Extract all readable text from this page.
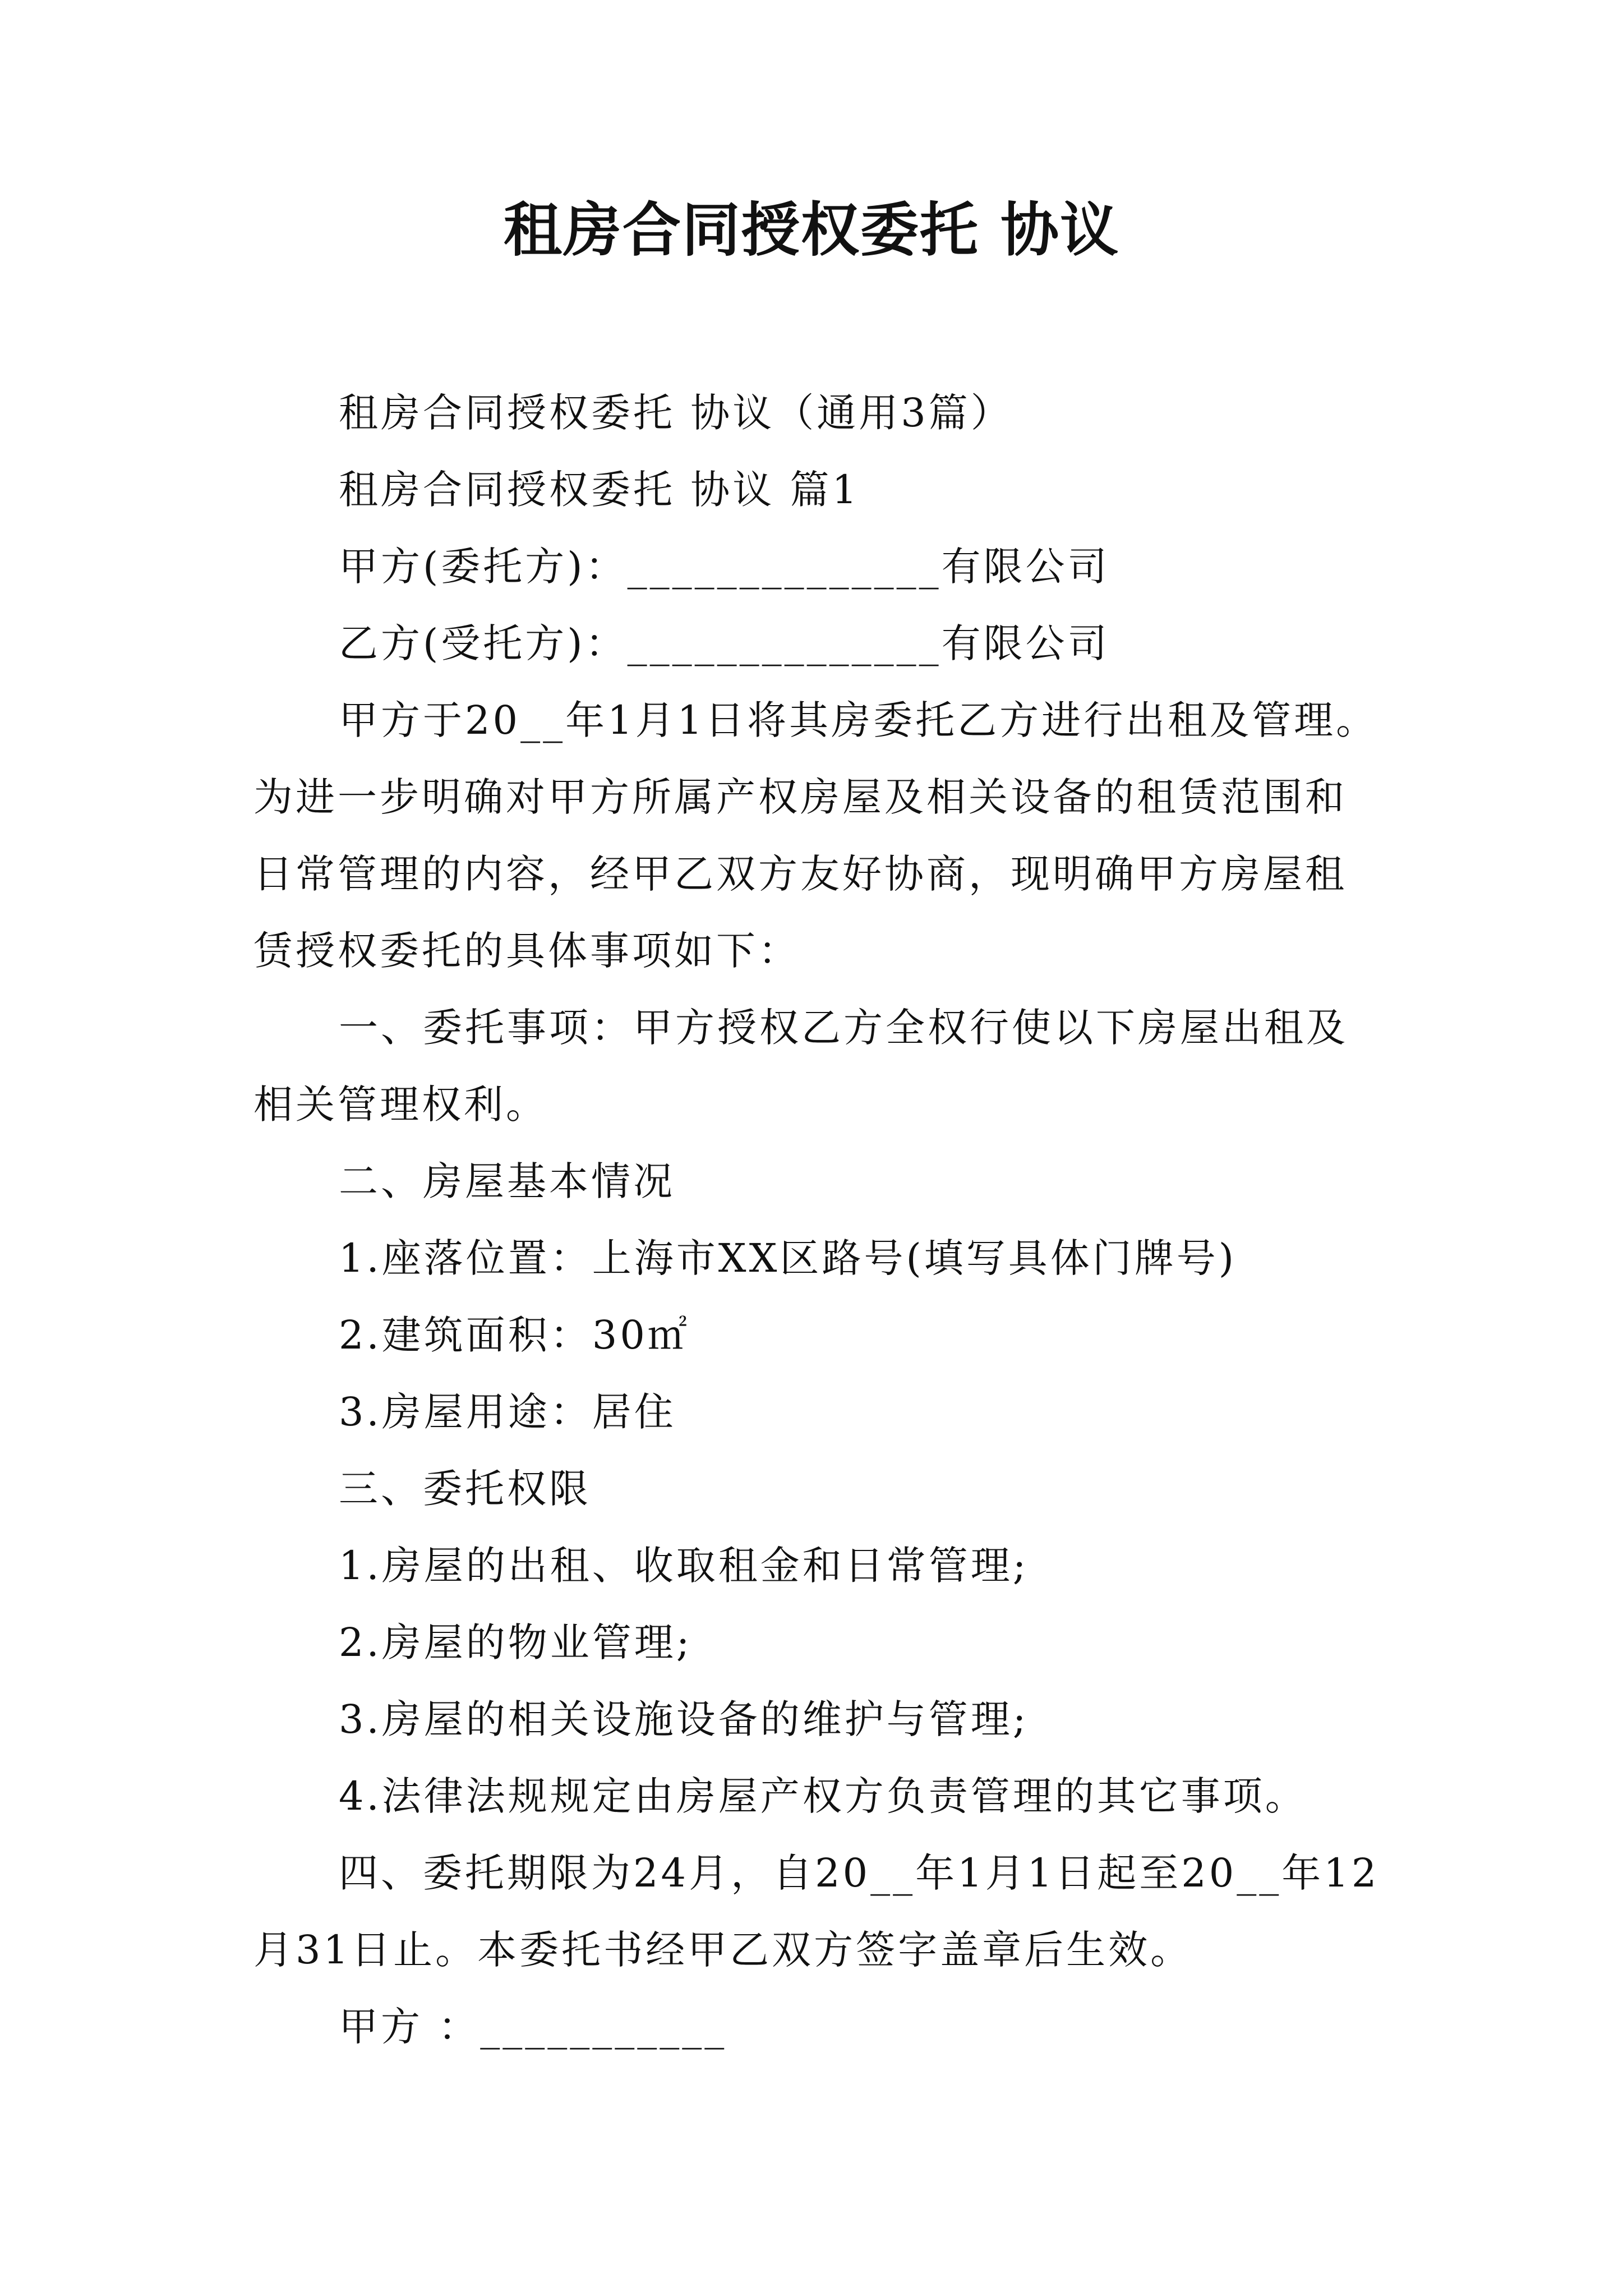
租房合同授权委托 协议

租房合同授权委托 协议（通用3篇）

租房合同授权委托 协议 篇1

甲方(委托方)：______________有限公司

乙方(受托方)：______________有限公司

甲方于20__年1月1日将其房委托乙方进行出租及管理。为进一步明确对甲方所属产权房屋及相关设备的租赁范围和日常管理的内容，经甲乙双方友好协商，现明确甲方房屋租赁授权委托的具体事项如下：

一、委托事项：甲方授权乙方全权行使以下房屋出租及相关管理权利。

二、房屋基本情况

1.座落位置：上海市XX区路号(填写具体门牌号)

2.建筑面积：30㎡

3.房屋用途：居住

三、委托权限

1.房屋的出租、收取租金和日常管理;

2.房屋的物业管理;

3.房屋的相关设施设备的维护与管理;

4.法律法规规定由房屋产权方负责管理的其它事项。

四、委托期限为24月，自20__年1月1日起至20__年12月31日止。本委托书经甲乙双方签字盖章后生效。

甲方 ：___________
